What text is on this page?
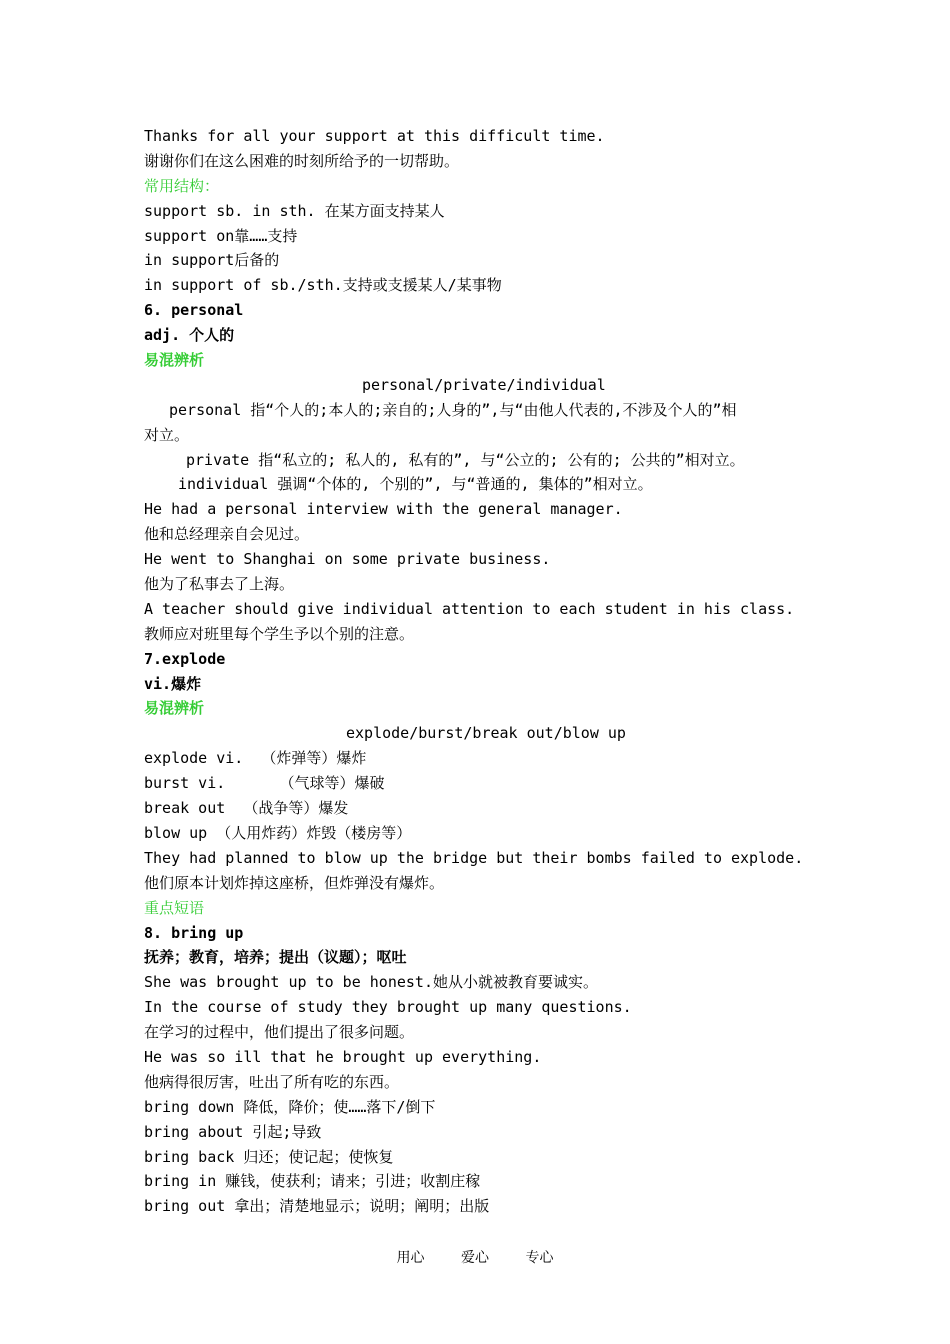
Thanks for all your support at this difficult time.
谢谢你们在这么困难的时刻所给予的一切帮助。
常用结构：
support sb. in sth. 在某方面支持某人
support on靠……支持
in support后备的
in support of sb./sth.支持或支援某人/某事物
6. personal
adj. 个人的
易混辨析
personal/private/individual
personal 指“个人的;本人的;亲自的;人身的”,与“由他人代表的,不涉及个人的”相
对立。
private 指“私立的; 私人的, 私有的”, 与“公立的; 公有的; 公共的”相对立。
individual 强调“个体的, 个别的”, 与“普通的, 集体的”相对立。
He had a personal interview with the general manager.
他和总经理亲自会见过。
He went to Shanghai on some private business.
他为了私事去了上海。
A teacher should give individual attention to each student in his class.
教师应对班里每个学生予以个别的注意。
7.explode
vi.爆炸
易混辨析
explode/burst/break out/blow up
explode vi.  （炸弹等）爆炸
burst vi.      （气球等）爆破
break out  （战争等）爆发
blow up （人用炸药）炸毁（楼房等）
They had planned to blow up the bridge but their bombs failed to explode.
他们原本计划炸掉这座桥，但炸弹没有爆炸。
重点短语
8. bring up
抚养；教育，培养；提出（议题）；呕吐
She was brought up to be honest.她从小就被教育要诚实。
In the course of study they brought up many questions.
在学习的过程中，他们提出了很多问题。
He was so ill that he brought up everything.
他病得很厉害，吐出了所有吃的东西。
bring down 降低，降价；使……落下/倒下
bring about 引起;导致
bring back 归还；使记起；使恢复
bring in 赚钱，使获利；请来；引进；收割庄稼
bring out 拿出；清楚地显示；说明；阐明；出版
用心	爱心	专心
